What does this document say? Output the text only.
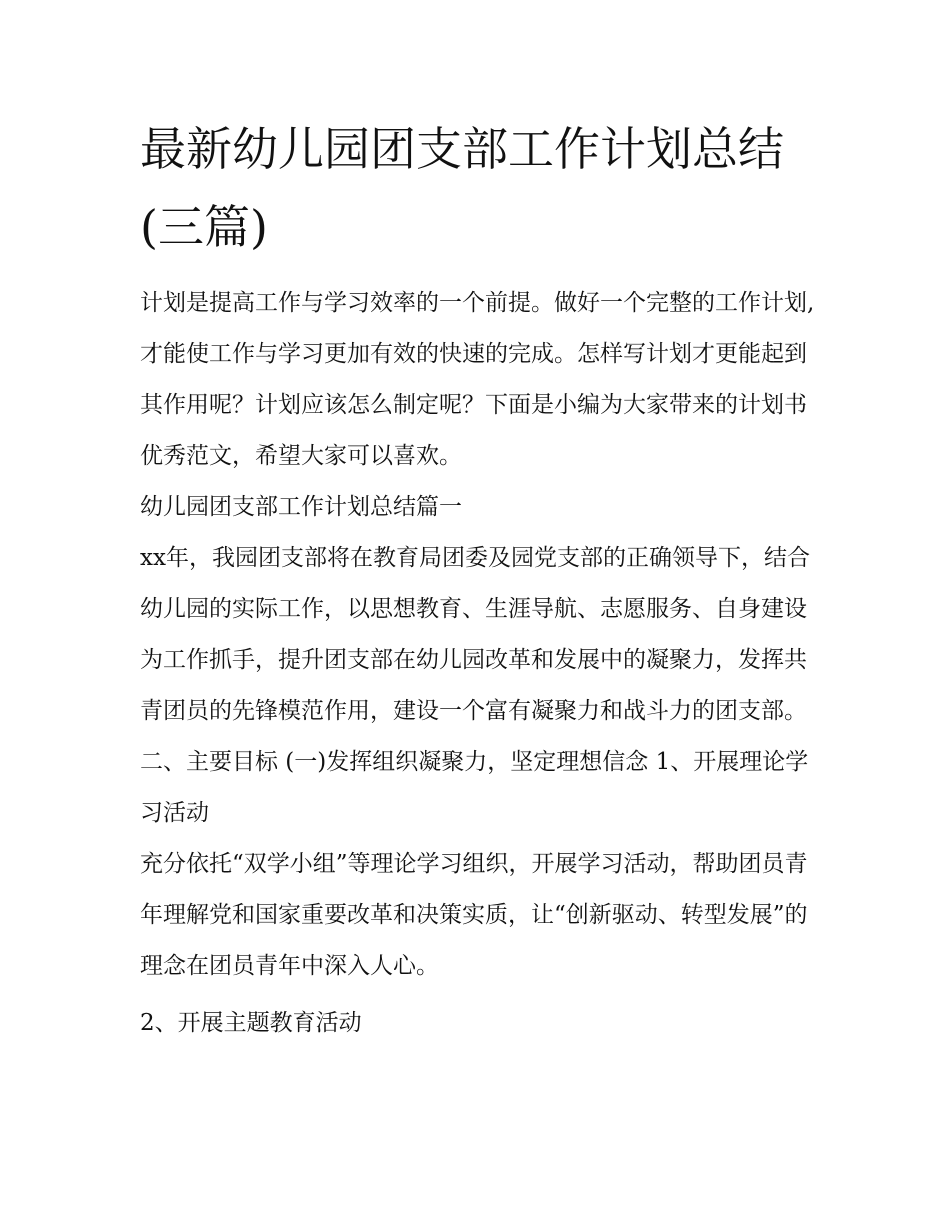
最新幼儿园团支部工作计划总结(三篇)

计划是提高工作与学习效率的一个前提。做好一个完整的工作计划,才能使工作与学习更加有效的快速的完成。怎样写计划才更能起到其作用呢？计划应该怎么制定呢？下面是小编为大家带来的计划书优秀范文，希望大家可以喜欢。

幼儿园团支部工作计划总结篇一

xx年，我园团支部将在教育局团委及园党支部的正确领导下，结合幼儿园的实际工作，以思想教育、生涯导航、志愿服务、自身建设为工作抓手，提升团支部在幼儿园改革和发展中的凝聚力，发挥共青团员的先锋模范作用，建设一个富有凝聚力和战斗力的团支部。

二、主要目标 (一)发挥组织凝聚力，坚定理想信念 1、开展理论学习活动

充分依托“双学小组”等理论学习组织，开展学习活动，帮助团员青年理解党和国家重要改革和决策实质，让“创新驱动、转型发展”的理念在团员青年中深入人心。

2、开展主题教育活动
